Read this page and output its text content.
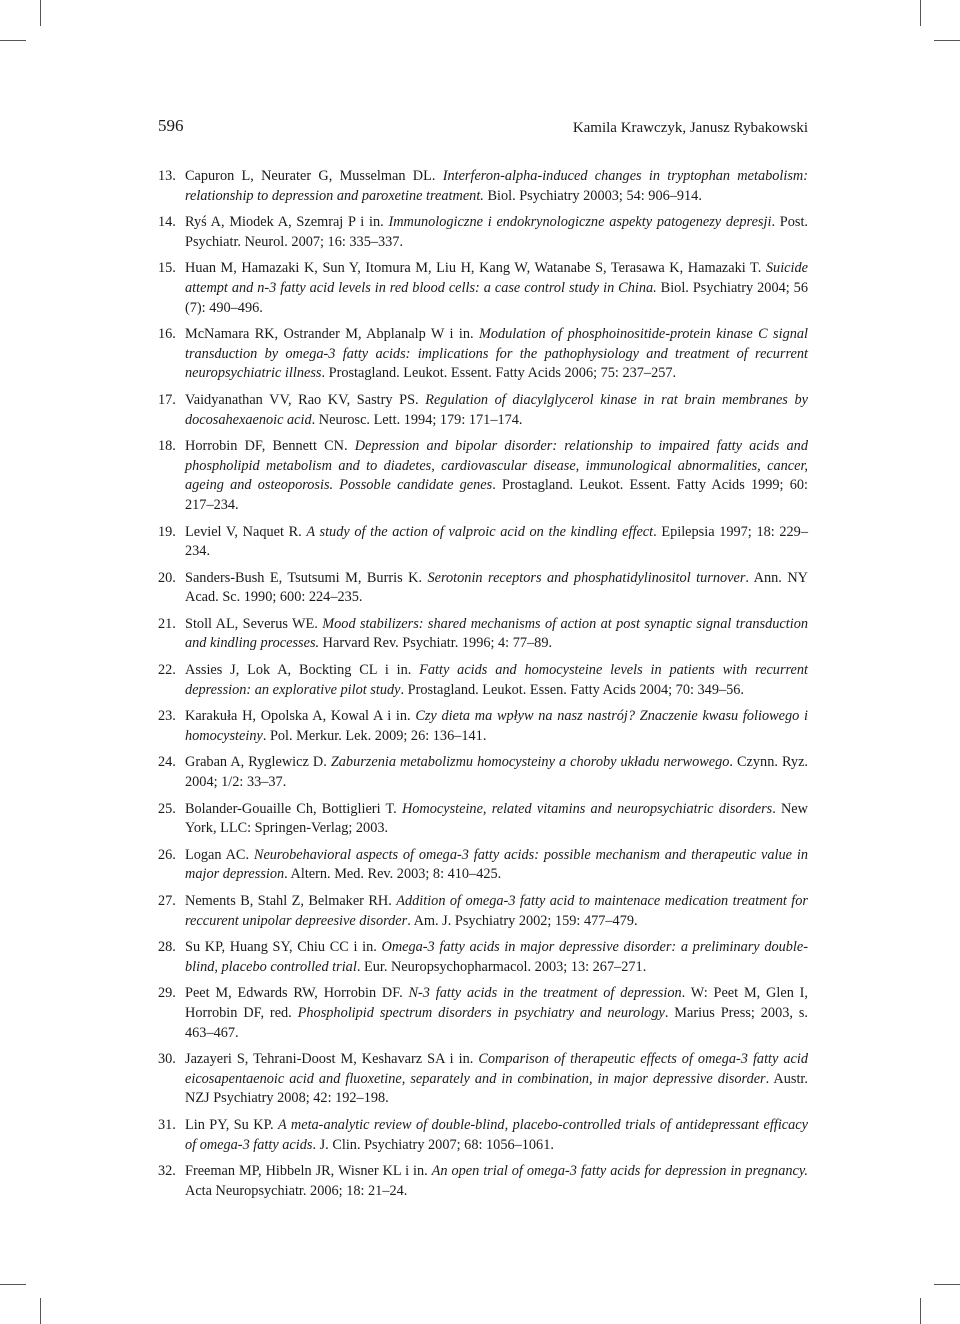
596	Kamila Krawczyk, Janusz Rybakowski
13. Capuron L, Neurater G, Musselman DL. Interferon-alpha-induced changes in tryptophan metabolism: relationship to depression and paroxetine treatment. Biol. Psychiatry 20003; 54: 906–914.
14. Ryś A, Miodek A, Szemraj P i in. Immunologiczne i endokrynologiczne aspekty patogenezy depresji. Post. Psychiatr. Neurol. 2007; 16: 335–337.
15. Huan M, Hamazaki K, Sun Y, Itomura M, Liu H, Kang W, Watanabe S, Terasawa K, Hamazaki T. Suicide attempt and n-3 fatty acid levels in red blood cells: a case control study in China. Biol. Psychiatry 2004; 56 (7): 490–496.
16. McNamara RK, Ostrander M, Abplanalp W i in. Modulation of phosphoinositide-protein kinase C signal transduction by omega-3 fatty acids: implications for the pathophysiology and treatment of recurrent neuropsychiatric illness. Prostagland. Leukot. Essent. Fatty Acids 2006; 75: 237–257.
17. Vaidyanathan VV, Rao KV, Sastry PS. Regulation of diacylglycerol kinase in rat brain membranes by docosahexaenoic acid. Neurosc. Lett. 1994; 179: 171–174.
18. Horrobin DF, Bennett CN. Depression and bipolar disorder: relationship to impaired fatty acids and phospholipid metabolism and to diadetes, cardiovascular disease, immunological abnormalities, cancer, ageing and osteoporosis. Possoble candidate genes. Prostagland. Leukot. Essent. Fatty Acids 1999; 60: 217–234.
19. Leviel V, Naquet R. A study of the action of valproic acid on the kindling effect. Epilepsia 1997; 18: 229–234.
20. Sanders-Bush E, Tsutsumi M, Burris K. Serotonin receptors and phosphatidylinositol turnover. Ann. NY Acad. Sc. 1990; 600: 224–235.
21. Stoll AL, Severus WE. Mood stabilizers: shared mechanisms of action at post synaptic signal transduction and kindling processes. Harvard Rev. Psychiatr. 1996; 4: 77–89.
22. Assies J, Lok A, Bockting CL i in. Fatty acids and homocysteine levels in patients with recurrent depression: an explorative pilot study. Prostagland. Leukot. Essen. Fatty Acids 2004; 70: 349–56.
23. Karakuła H, Opolska A, Kowal A i in. Czy dieta ma wpływ na nasz nastrój? Znaczenie kwasu foliowego i homocysteiny. Pol. Merkur. Lek. 2009; 26: 136–141.
24. Graban A, Ryglewicz D. Zaburzenia metabolizmu homocysteiny a choroby układu nerwowego. Czynn. Ryz. 2004; 1/2: 33–37.
25. Bolander-Gouaille Ch, Bottiglieri T. Homocysteine, related vitamins and neuropsychiatric disorders. New York, LLC: Springen-Verlag; 2003.
26. Logan AC. Neurobehavioral aspects of omega-3 fatty acids: possible mechanism and therapeutic value in major depression. Altern. Med. Rev. 2003; 8: 410–425.
27. Nements B, Stahl Z, Belmaker RH. Addition of omega-3 fatty acid to maintenace medication treatment for reccurent unipolar depreesive disorder. Am. J. Psychiatry 2002; 159: 477–479.
28. Su KP, Huang SY, Chiu CC i in. Omega-3 fatty acids in major depressive disorder: a preliminary double-blind, placebo controlled trial. Eur. Neuropsychopharmacol. 2003; 13: 267–271.
29. Peet M, Edwards RW, Horrobin DF. N-3 fatty acids in the treatment of depression. W: Peet M, Glen I, Horrobin DF, red. Phospholipid spectrum disorders in psychiatry and neurology. Marius Press; 2003, s. 463–467.
30. Jazayeri S, Tehrani-Doost M, Keshavarz SA i in. Comparison of therapeutic effects of omega-3 fatty acid eicosapentaenoic acid and fluoxetine, separately and in combination, in major depressive disorder. Austr. NZJ Psychiatry 2008; 42: 192–198.
31. Lin PY, Su KP. A meta-analytic review of double-blind, placebo-controlled trials of antidepressant efficacy of omega-3 fatty acids. J. Clin. Psychiatry 2007; 68: 1056–1061.
32. Freeman MP, Hibbeln JR, Wisner KL i in. An open trial of omega-3 fatty acids for depression in pregnancy. Acta Neuropsychiatr. 2006; 18: 21–24.
